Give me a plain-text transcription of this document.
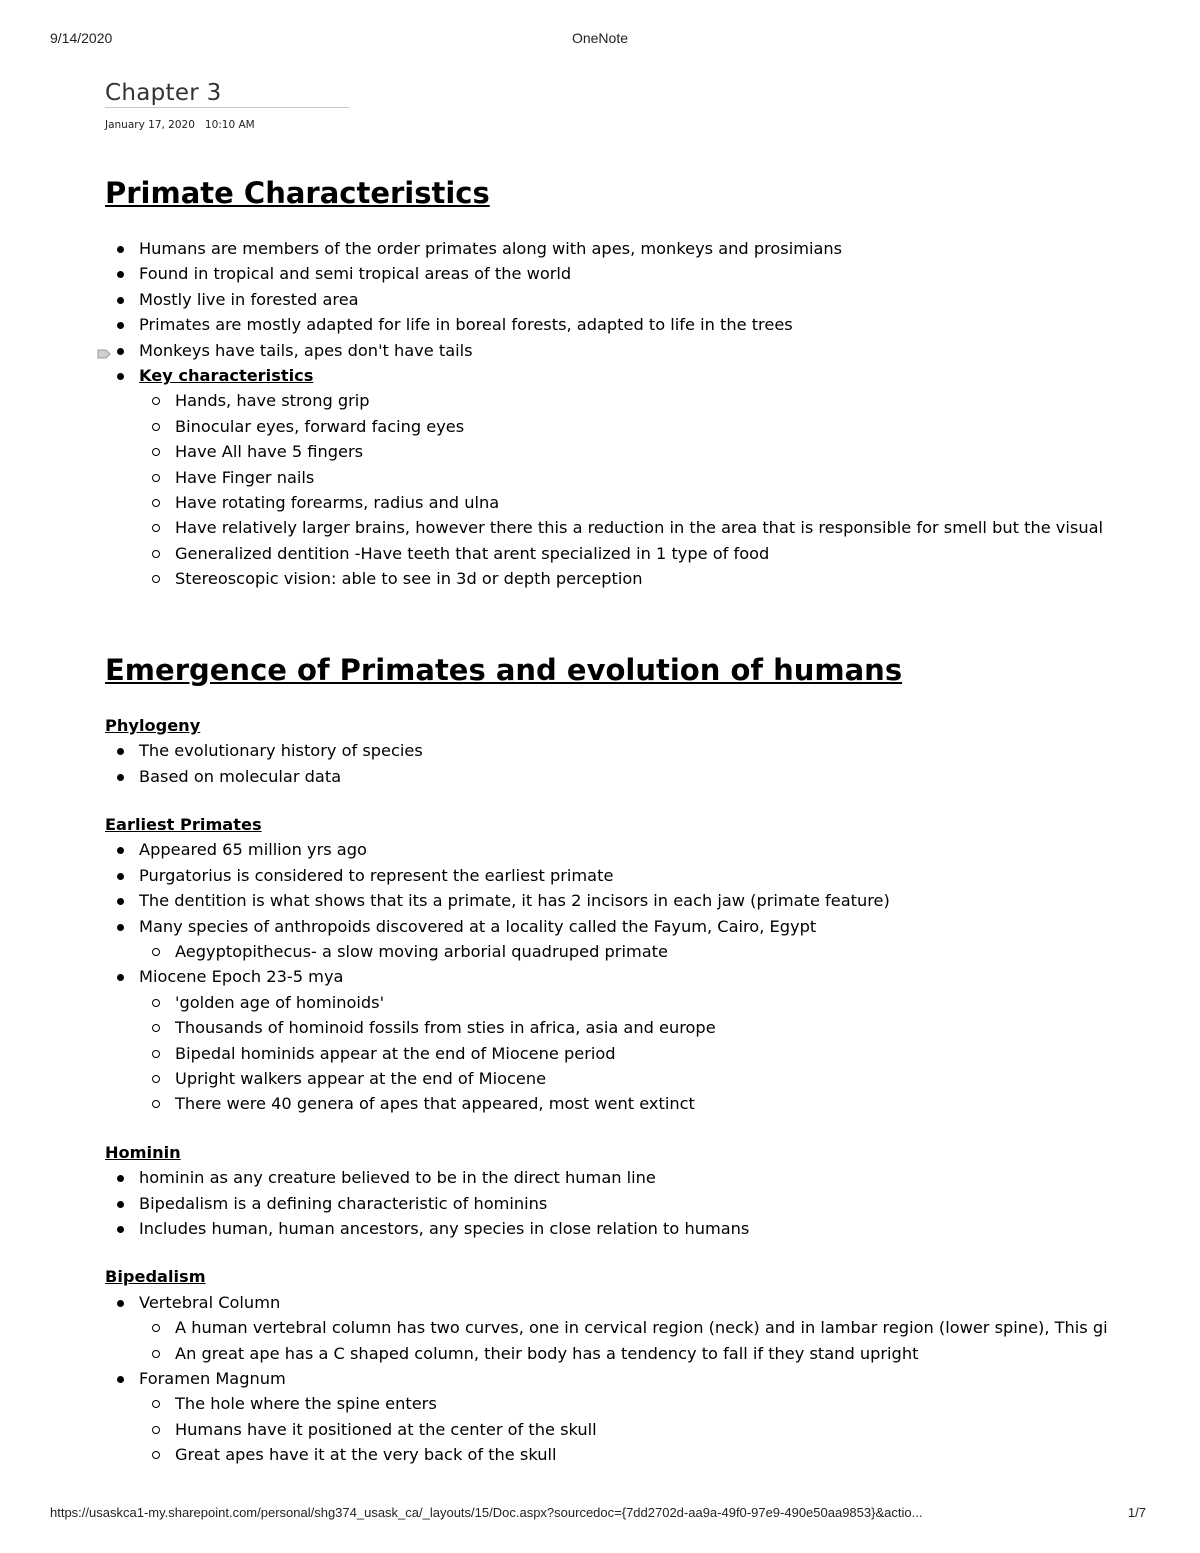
9/14/2020	OneNote
Chapter 3
January 17, 2020 10:10 AM
Primate Characteristics
Humans are members of the order primates along with apes, monkeys and prosimians
Found in tropical and semi tropical areas of the world
Mostly live in forested area
Primates are mostly adapted for life in boreal forests, adapted to life in the trees
Monkeys have tails, apes don't have tails
Key characteristics
Hands, have strong grip
Binocular eyes, forward facing eyes
Have All have 5 fingers
Have Finger nails
Have rotating forearms, radius and ulna
Have relatively larger brains, however there this a reduction in the area that is responsible for smell but the visual
Generalized dentition -Have teeth that arent specialized in 1 type of food
Stereoscopic vision: able to see in 3d or depth perception
Emergence of Primates and evolution of humans
Phylogeny
The evolutionary history of species
Based on molecular data
Earliest Primates
Appeared 65 million yrs ago
Purgatorius is considered to represent the earliest primate
The dentition is what shows that its a primate, it has 2 incisors in each jaw (primate feature)
Many species of anthropoids discovered at a locality called the Fayum, Cairo, Egypt
Aegyptopithecus- a slow moving arborial quadruped primate
Miocene Epoch 23-5 mya
'golden age of hominoids'
Thousands of hominoid fossils from sties in africa, asia and europe
Bipedal hominids appear at the end of Miocene period
Upright walkers appear at the end of Miocene
There were 40 genera of apes that appeared, most went extinct
Hominin
hominin as any creature believed to be in the direct human line
Bipedalism is a defining characteristic of hominins
Includes human, human ancestors, any species in close relation to humans
Bipedalism
Vertebral Column
A human vertebral column has two curves, one in cervical region (neck) and in lambar region (lower spine), This gi
An great ape has a C shaped column, their body has a tendency to fall if they stand upright
Foramen Magnum
The hole where the spine enters
Humans have it positioned at the center of the skull
Great apes have it at the very back of the skull
https://usaskca1-my.sharepoint.com/personal/shg374_usask_ca/_layouts/15/Doc.aspx?sourcedoc={7dd2702d-aa9a-49f0-97e9-490e50aa9853}&actio...	1/7
